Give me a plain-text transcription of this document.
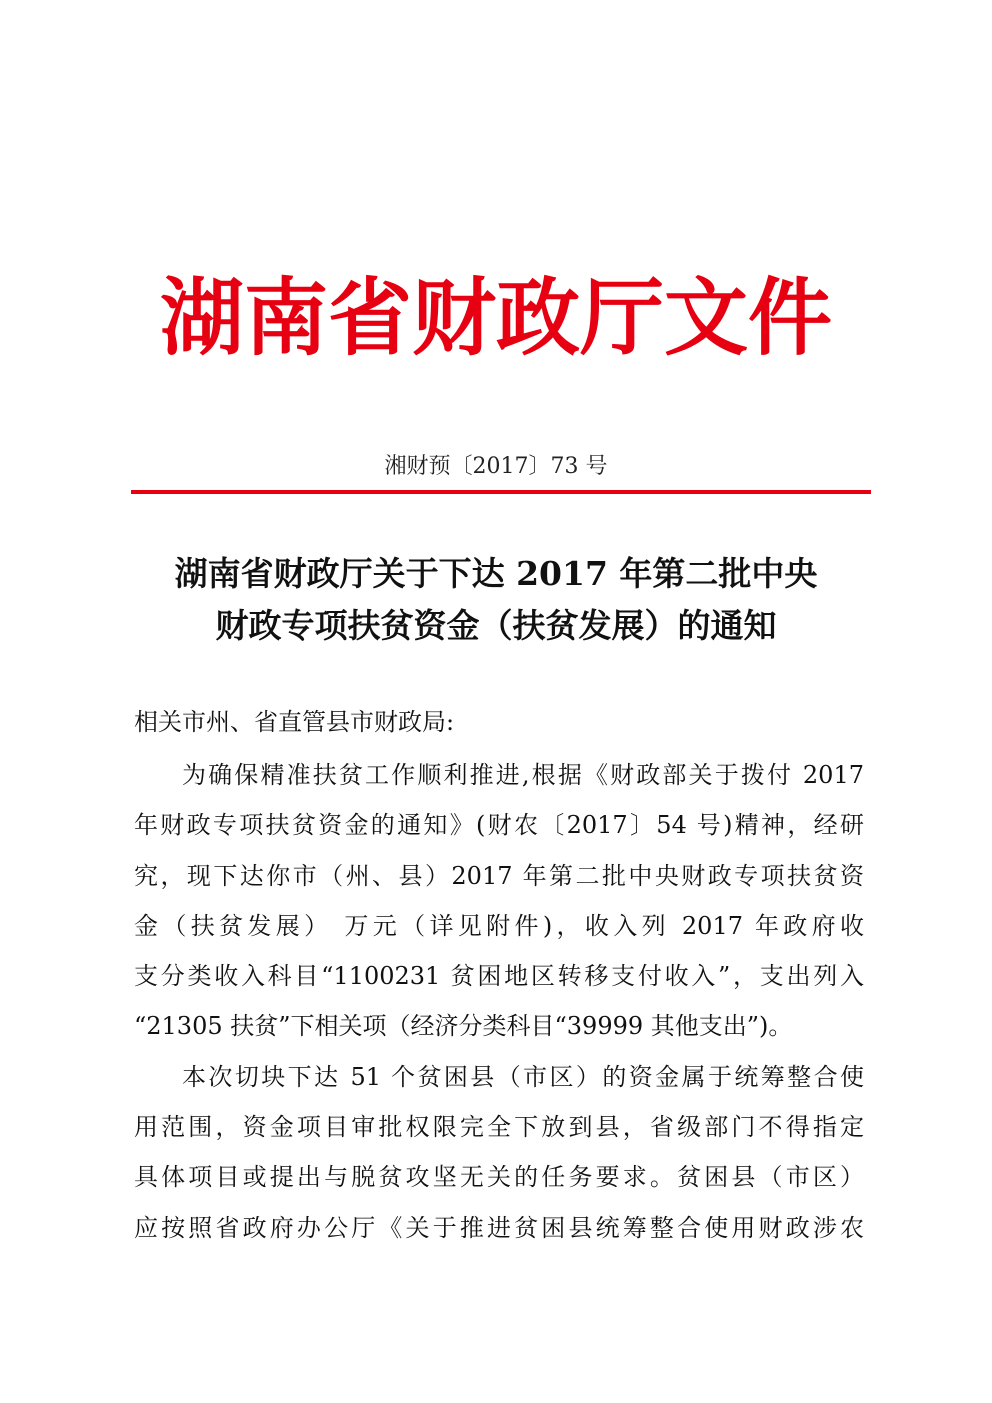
湖南省财政厅文件
湘财预〔2017〕73 号
湖南省财政厅关于下达 2017 年第二批中央
财政专项扶贫资金（扶贫发展）的通知
相关市州、省直管县市财政局:
为确保精准扶贫工作顺利推进,根据《财政部关于拨付 2017
年财政专项扶贫资金的通知》(财农〔2017〕54 号)精神，经研
究，现下达你市（州、县）2017 年第二批中央财政专项扶贫资
金（扶贫发展） 万元（详见附件)，收入列 2017 年政府收
支分类收入科目“1100231 贫困地区转移支付收入”，支出列入
“21305 扶贫”下相关项（经济分类科目“39999 其他支出”)。
本次切块下达 51 个贫困县（市区）的资金属于统筹整合使
用范围，资金项目审批权限完全下放到县，省级部门不得指定
具体项目或提出与脱贫攻坚无关的任务要求。贫困县（市区）
应按照省政府办公厅《关于推进贫困县统筹整合使用财政涉农
